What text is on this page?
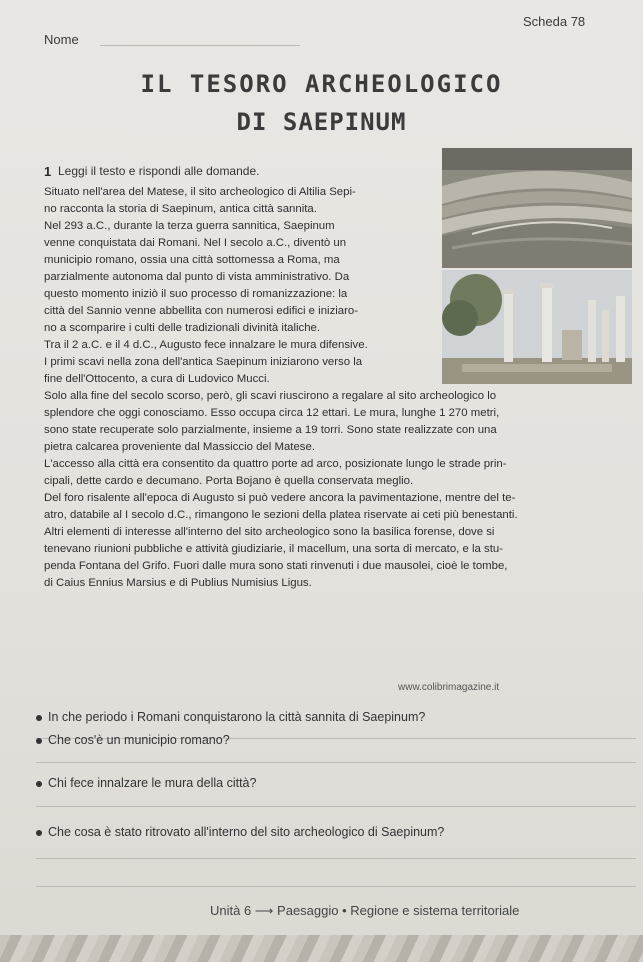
Nome
Scheda 78
IL TESORO ARCHEOLOGICO
DI SAEPINUM
1 Leggi il testo e rispondi alle domande.
Situato nell'area del Matese, il sito archeologico di Altilia Sepi-
no racconta la storia di Saepinum, antica città sannita.
Nel 293 a.C., durante la terza guerra sannitica, Saepinum
venne conquistata dai Romani. Nel I secolo a.C., diventò un
municipio romano, ossia una città sottomessa a Roma, ma
parzialmente autonoma dal punto di vista amministrativo. Da
questo momento iniziò il suo processo di romanizzazione: la
città del Sannio venne abbellita con numerosi edifici e iniziaro-
no a scomparire i culti delle tradizionali divinità italiche.
Tra il 2 a.C. e il 4 d.C., Augusto fece innalzare le mura difensive.
I primi scavi nella zona dell'antica Saepinum iniziarono verso la
fine dell'Ottocento, a cura di Ludovico Mucci.
Solo alla fine del secolo scorso, però, gli scavi riuscirono a regalare al sito archeologico lo
splendore che oggi conosciamo. Esso occupa circa 12 ettari. Le mura, lunghe 1 270 metri,
sono state recuperate solo parzialmente, insieme a 19 torri. Sono state realizzate con una
pietra calcarea proveniente dal Massiccio del Matese.
L'accesso alla città era consentito da quattro porte ad arco, posizionate lungo le strade prin-
cipali, dette cardo e decumano. Porta Bojano è quella conservata meglio.
Del foro risalente all'epoca di Augusto si può vedere ancora la pavimentazione, mentre del te-
atro, databile al I secolo d.C., rimangono le sezioni della platea riservate ai ceti più benestanti.
Altri elementi di interesse all'interno del sito archeologico sono la basilica forense, dove si
tenevano riunioni pubbliche e attività giudiziarie, il macellum, una sorta di mercato, e la stu-
penda Fontana del Grifo. Fuori dalle mura sono stati rinvenuti i due mausolei, cioè le tombe,
di Caius Ennius Marsius e di Publius Numisius Ligus.
www.colibrimagazine.it
In che periodo i Romani conquistarono la città sannita di Saepinum?
Che cos'è un municipio romano?
Chi fece innalzare le mura della città?
Che cosa è stato ritrovato all'interno del sito archeologico di Saepinum?
Unità 6 ⟶ Paesaggio • Regione e sistema territoriale
